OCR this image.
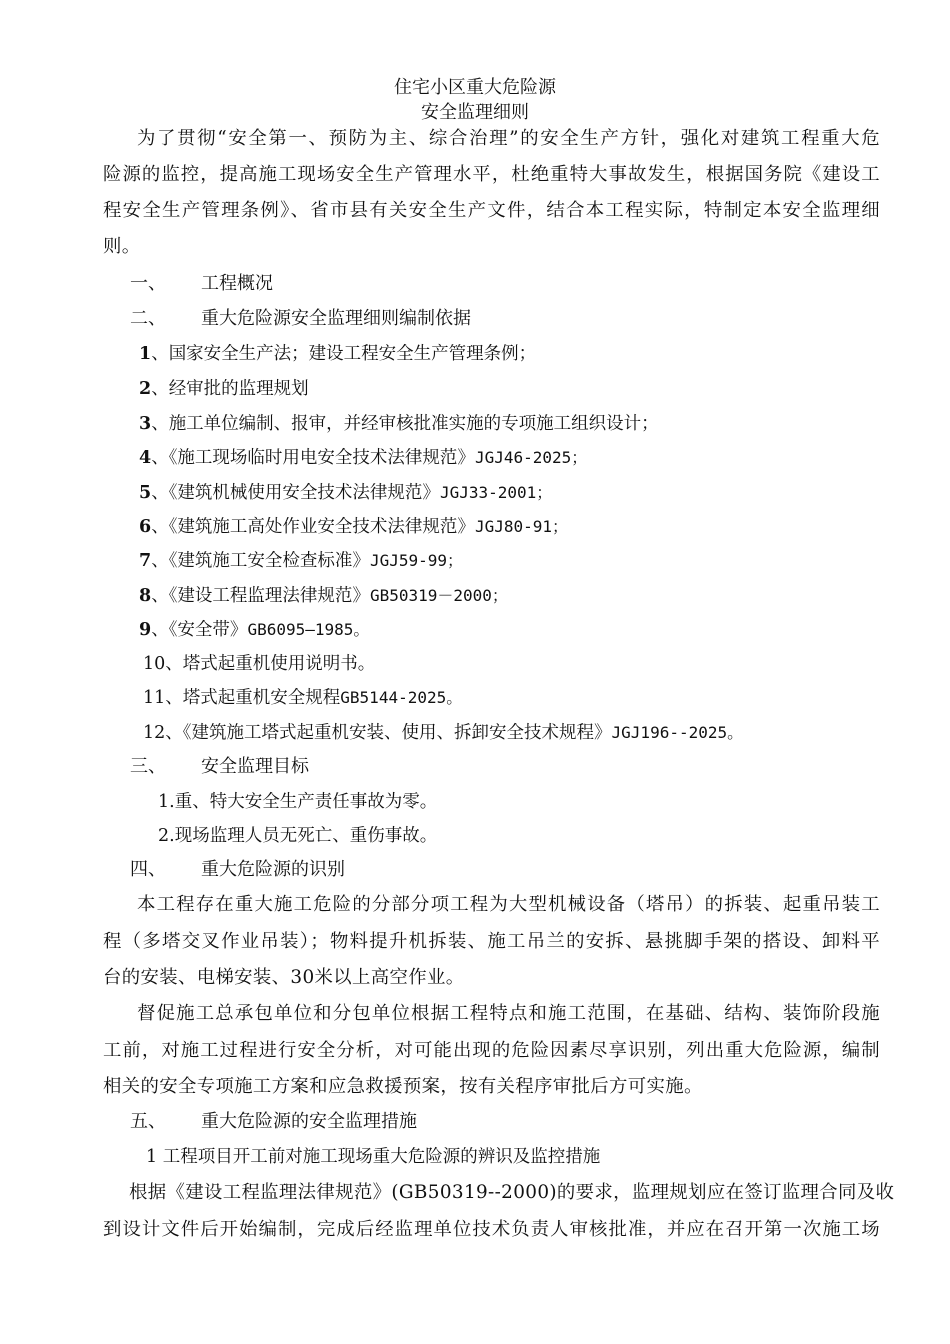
住宅小区重大危险源
安全监理细则
为了贯彻“安全第一、预防为主、综合治理”的安全生产方针，强化对建筑工程重大危
险源的监控，提高施工现场安全生产管理水平，杜绝重特大事故发生，根据国务院《建设工
程安全生产管理条例》、省市县有关安全生产文件，结合本工程实际，特制定本安全监理细
则。
一、 工程概况
二、 重大危险源安全监理细则编制依据
1、国家安全生产法；建设工程安全生产管理条例；
2、经审批的监理规划
3、施工单位编制、报审，并经审核批准实施的专项施工组织设计；
4、《施工现场临时用电安全技术法律规范》JGJ46-2025；
5、《建筑机械使用安全技术法律规范》JGJ33-2001；
6、《建筑施工高处作业安全技术法律规范》JGJ80-91；
7、《建筑施工安全检查标准》JGJ59-99；
8、《建设工程监理法律规范》GB50319－2000；
9、《安全带》GB6095—1985。
10、塔式起重机使用说明书。
11、塔式起重机安全规程GB5144-2025。
12、《建筑施工塔式起重机安装、使用、拆卸安全技术规程》JGJ196--2025。
三、 安全监理目标
1.重、特大安全生产责任事故为零。
2.现场监理人员无死亡、重伤事故。
四、 重大危险源的识别
本工程存在重大施工危险的分部分项工程为大型机械设备（塔吊）的拆装、起重吊装工
程（多塔交叉作业吊装）；物料提升机拆装、施工吊兰的安拆、悬挑脚手架的搭设、卸料平
台的安装、电梯安装、30米以上高空作业。
督促施工总承包单位和分包单位根据工程特点和施工范围，在基础、结构、装饰阶段施
工前，对施工过程进行安全分析，对可能出现的危险因素尽享识别，列出重大危险源，编制
相关的安全专项施工方案和应急救援预案，按有关程序审批后方可实施。
五、 重大危险源的安全监理措施
1 工程项目开工前对施工现场重大危险源的辨识及监控措施
根据《建设工程监理法律规范》(GB50319--2000)的要求，监理规划应在签订监理合同及收
到设计文件后开始编制，完成后经监理单位技术负责人审核批准，并应在召开第一次施工场
